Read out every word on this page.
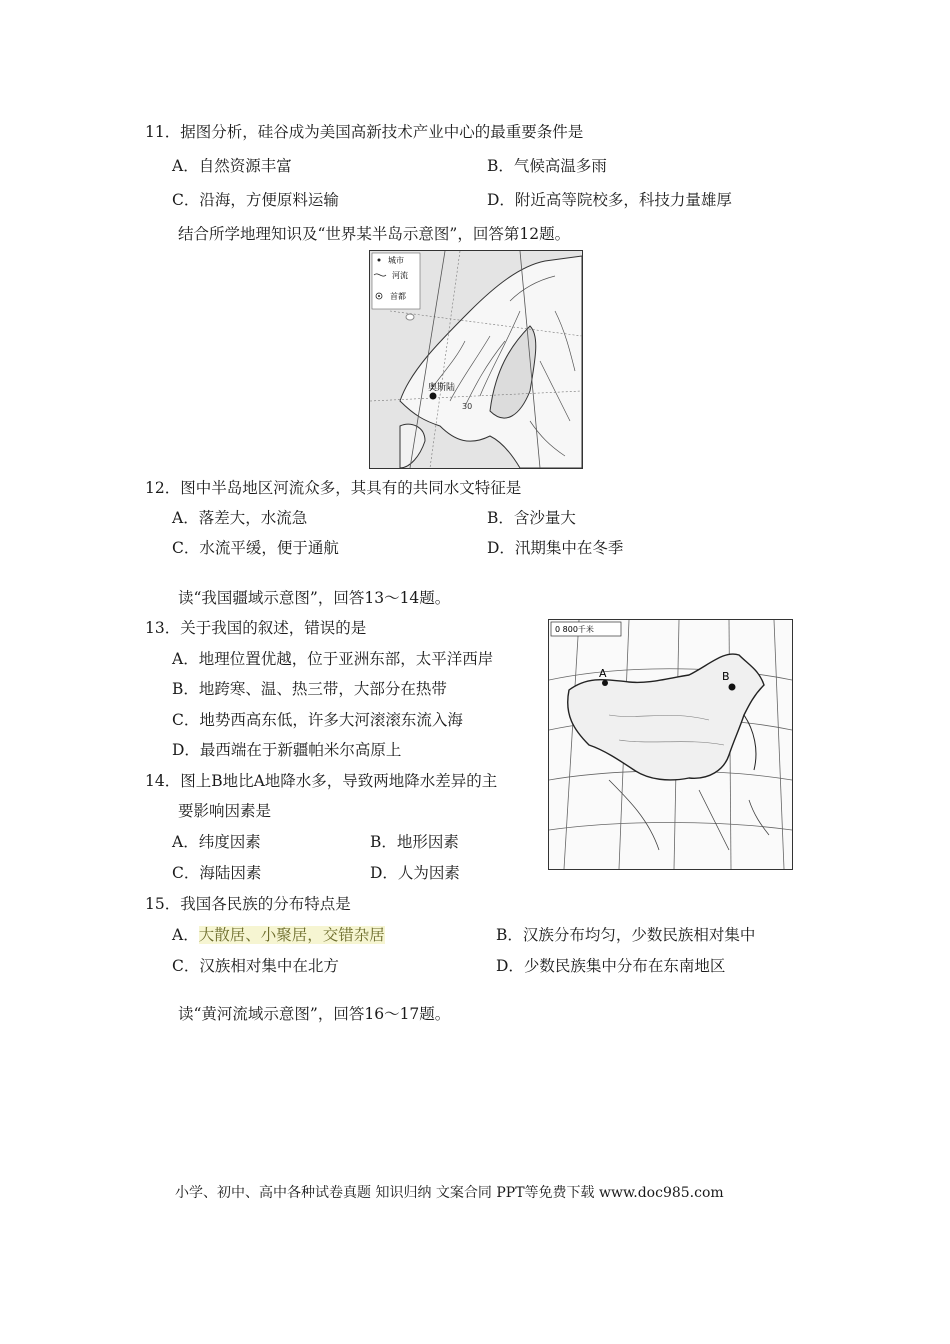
11．据图分析，硅谷成为美国高新技术产业中心的最重要条件是
A．自然资源丰富	B．气候高温多雨
C．沿海，方便原料运输	D．附近高等院校多，科技力量雄厚
结合所学地理知识及“世界某半岛示意图”，回答第12题。
城市
河流
首都
奥斯陆
30
12．图中半岛地区河流众多，其具有的共同水文特征是
A．落差大，水流急	B．含沙量大
C．水流平缓，便于通航	D．汛期集中在冬季
读“我国疆域示意图”，回答13～14题。
0 800千米
A	B
13．关于我国的叙述，错误的是
A．地理位置优越，位于亚洲东部，太平洋西岸
B．地跨寒、温、热三带，大部分在热带
C．地势西高东低，许多大河滚滚东流入海
D．最西端在于新疆帕米尔高原上
14．图上B地比A地降水多，导致两地降水差异的主
要影响因素是
A．纬度因素	B．地形因素
C．海陆因素	D．人为因素
15．我国各民族的分布特点是
A．大散居、小聚居，交错杂居	B．汉族分布均匀，少数民族相对集中
C．汉族相对集中在北方	D．少数民族集中分布在东南地区
读“黄河流域示意图”，回答16～17题。
小学、初中、高中各种试卷真题 知识归纳 文案合同 PPT等免费下载 www.doc985.com
